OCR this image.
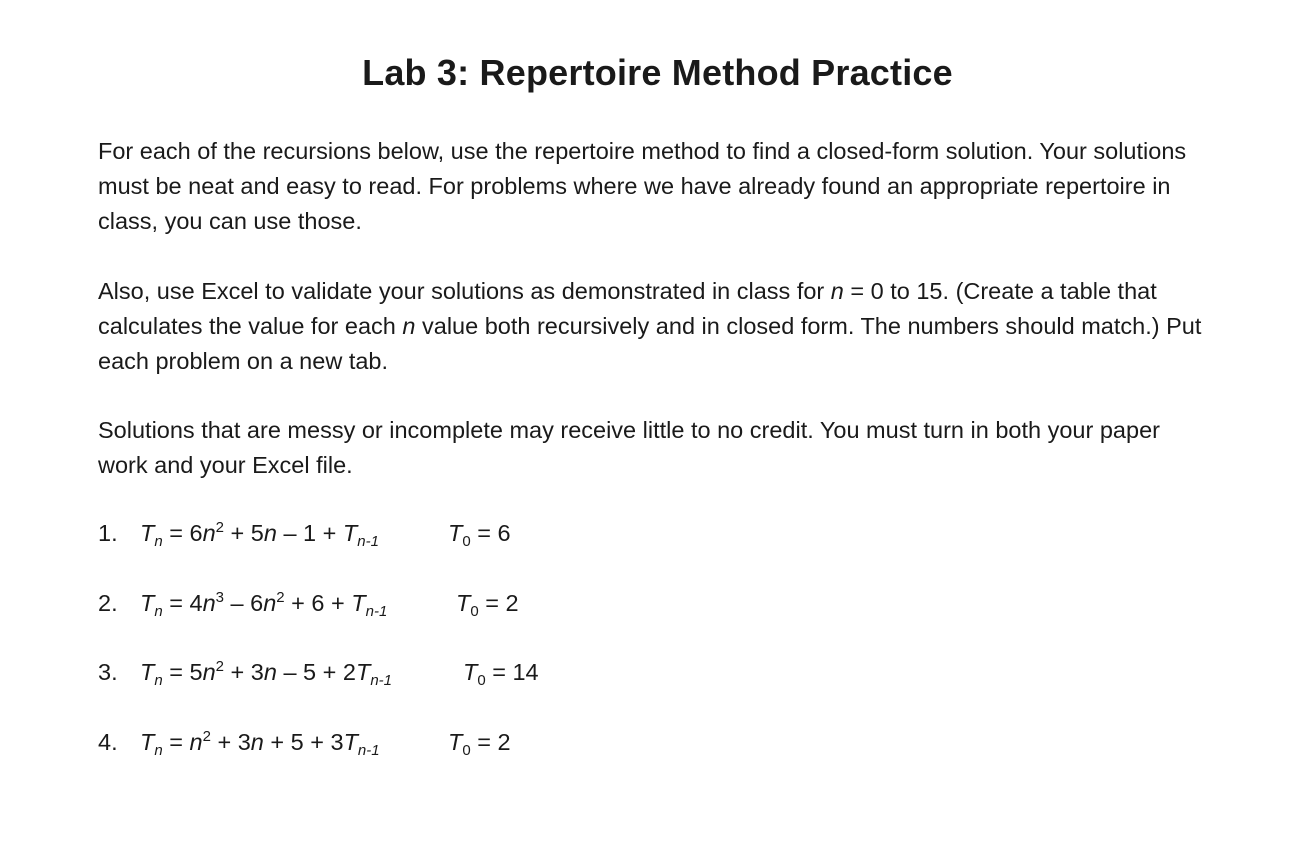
Lab 3: Repertoire Method Practice

For each of the recursions below, use the repertoire method to find a closed-form solution. Your solutions must be neat and easy to read. For problems where we have already found an appropriate repertoire in class, you can use those.

Also, use Excel to validate your solutions as demonstrated in class for n = 0 to 15. (Create a table that calculates the value for each n value both recursively and in closed form. The numbers should match.) Put each problem on a new tab.

Solutions that are messy or incomplete may receive little to no credit. You must turn in both your paper work and your Excel file.

1. $T_n = 6n^2 + 5n - 1 + T_{n-1}$	$T_0 = 6$
2. $T_n = 4n^3 - 6n^2 + 6 + T_{n-1}$	$T_0 = 2$
3. $T_n = 5n^2 + 3n - 5 + 2T_{n-1}$	$T_0 = 14$
4. $T_n = n^2 + 3n + 5 + 3T_{n-1}$	$T_0 = 2$
